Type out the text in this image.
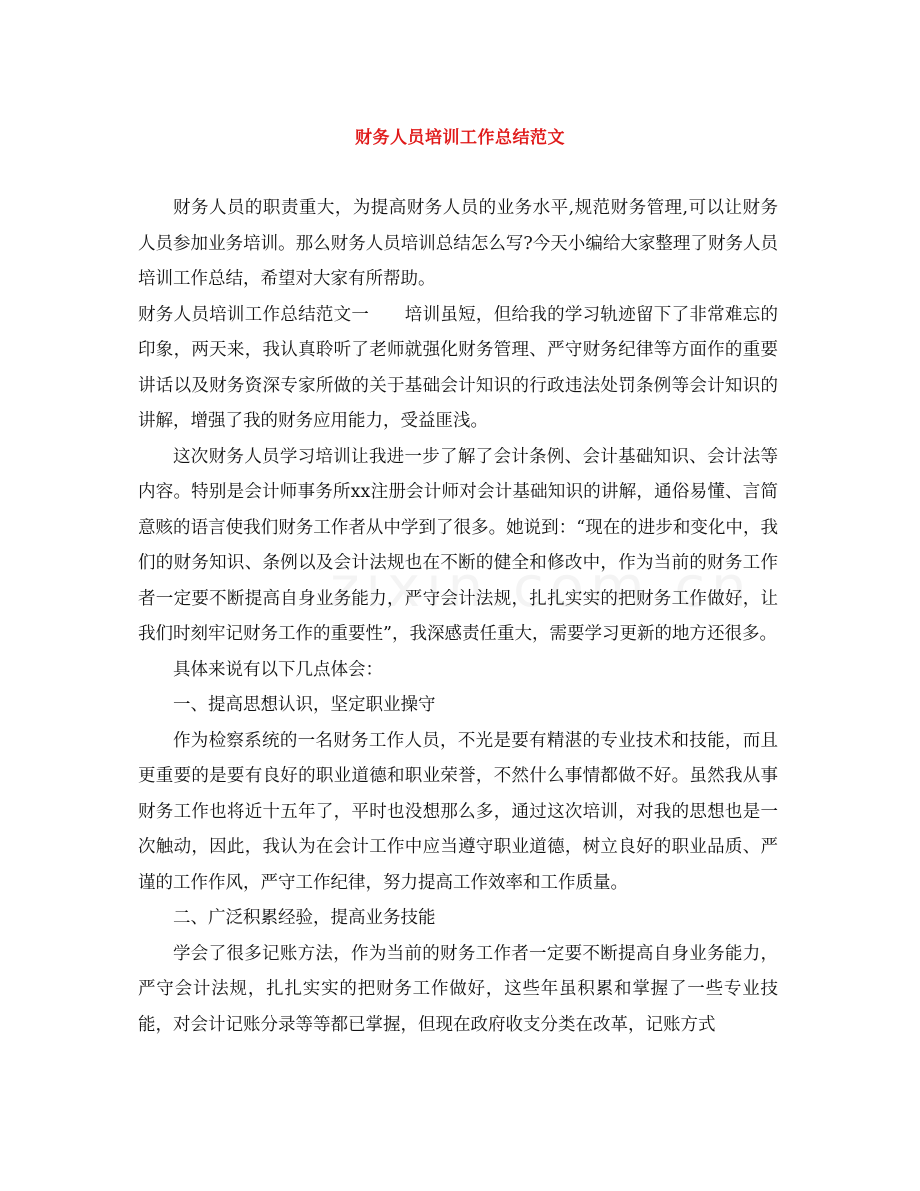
财务人员培训工作总结范文

财务人员的职责重大，为提高财务人员的业务水平,规范财务管理,可以让财务人员参加业务培训。那么财务人员培训总结怎么写?今天小编给大家整理了财务人员培训工作总结，希望对大家有所帮助。

财务人员培训工作总结范文一　　培训虽短，但给我的学习轨迹留下了非常难忘的印象，两天来，我认真聆听了老师就强化财务管理、严守财务纪律等方面作的重要讲话以及财务资深专家所做的关于基础会计知识的行政违法处罚条例等会计知识的讲解，增强了我的财务应用能力，受益匪浅。

这次财务人员学习培训让我进一步了解了会计条例、会计基础知识、会计法等内容。特别是会计师事务所xx注册会计师对会计基础知识的讲解，通俗易懂、言简意赅的语言使我们财务工作者从中学到了很多。她说到：“现在的进步和变化中，我们的财务知识、条例以及会计法规也在不断的健全和修改中，作为当前的财务工作者一定要不断提高自身业务能力，严守会计法规，扎扎实实的把财务工作做好，让我们时刻牢记财务工作的重要性”，我深感责任重大，需要学习更新的地方还很多。

具体来说有以下几点体会：

一、提高思想认识，坚定职业操守

作为检察系统的一名财务工作人员，不光是要有精湛的专业技术和技能，而且更重要的是要有良好的职业道德和职业荣誉，不然什么事情都做不好。虽然我从事财务工作也将近十五年了，平时也没想那么多，通过这次培训，对我的思想也是一次触动，因此，我认为在会计工作中应当遵守职业道德，树立良好的职业品质、严谨的工作作风，严守工作纪律，努力提高工作效率和工作质量。

二、广泛积累经验，提高业务技能

学会了很多记账方法，作为当前的财务工作者一定要不断提高自身业务能力，严守会计法规，扎扎实实的把财务工作做好，这些年虽积累和掌握了一些专业技能，对会计记账分录等等都已掌握，但现在政府收支分类在改革，记账方式
